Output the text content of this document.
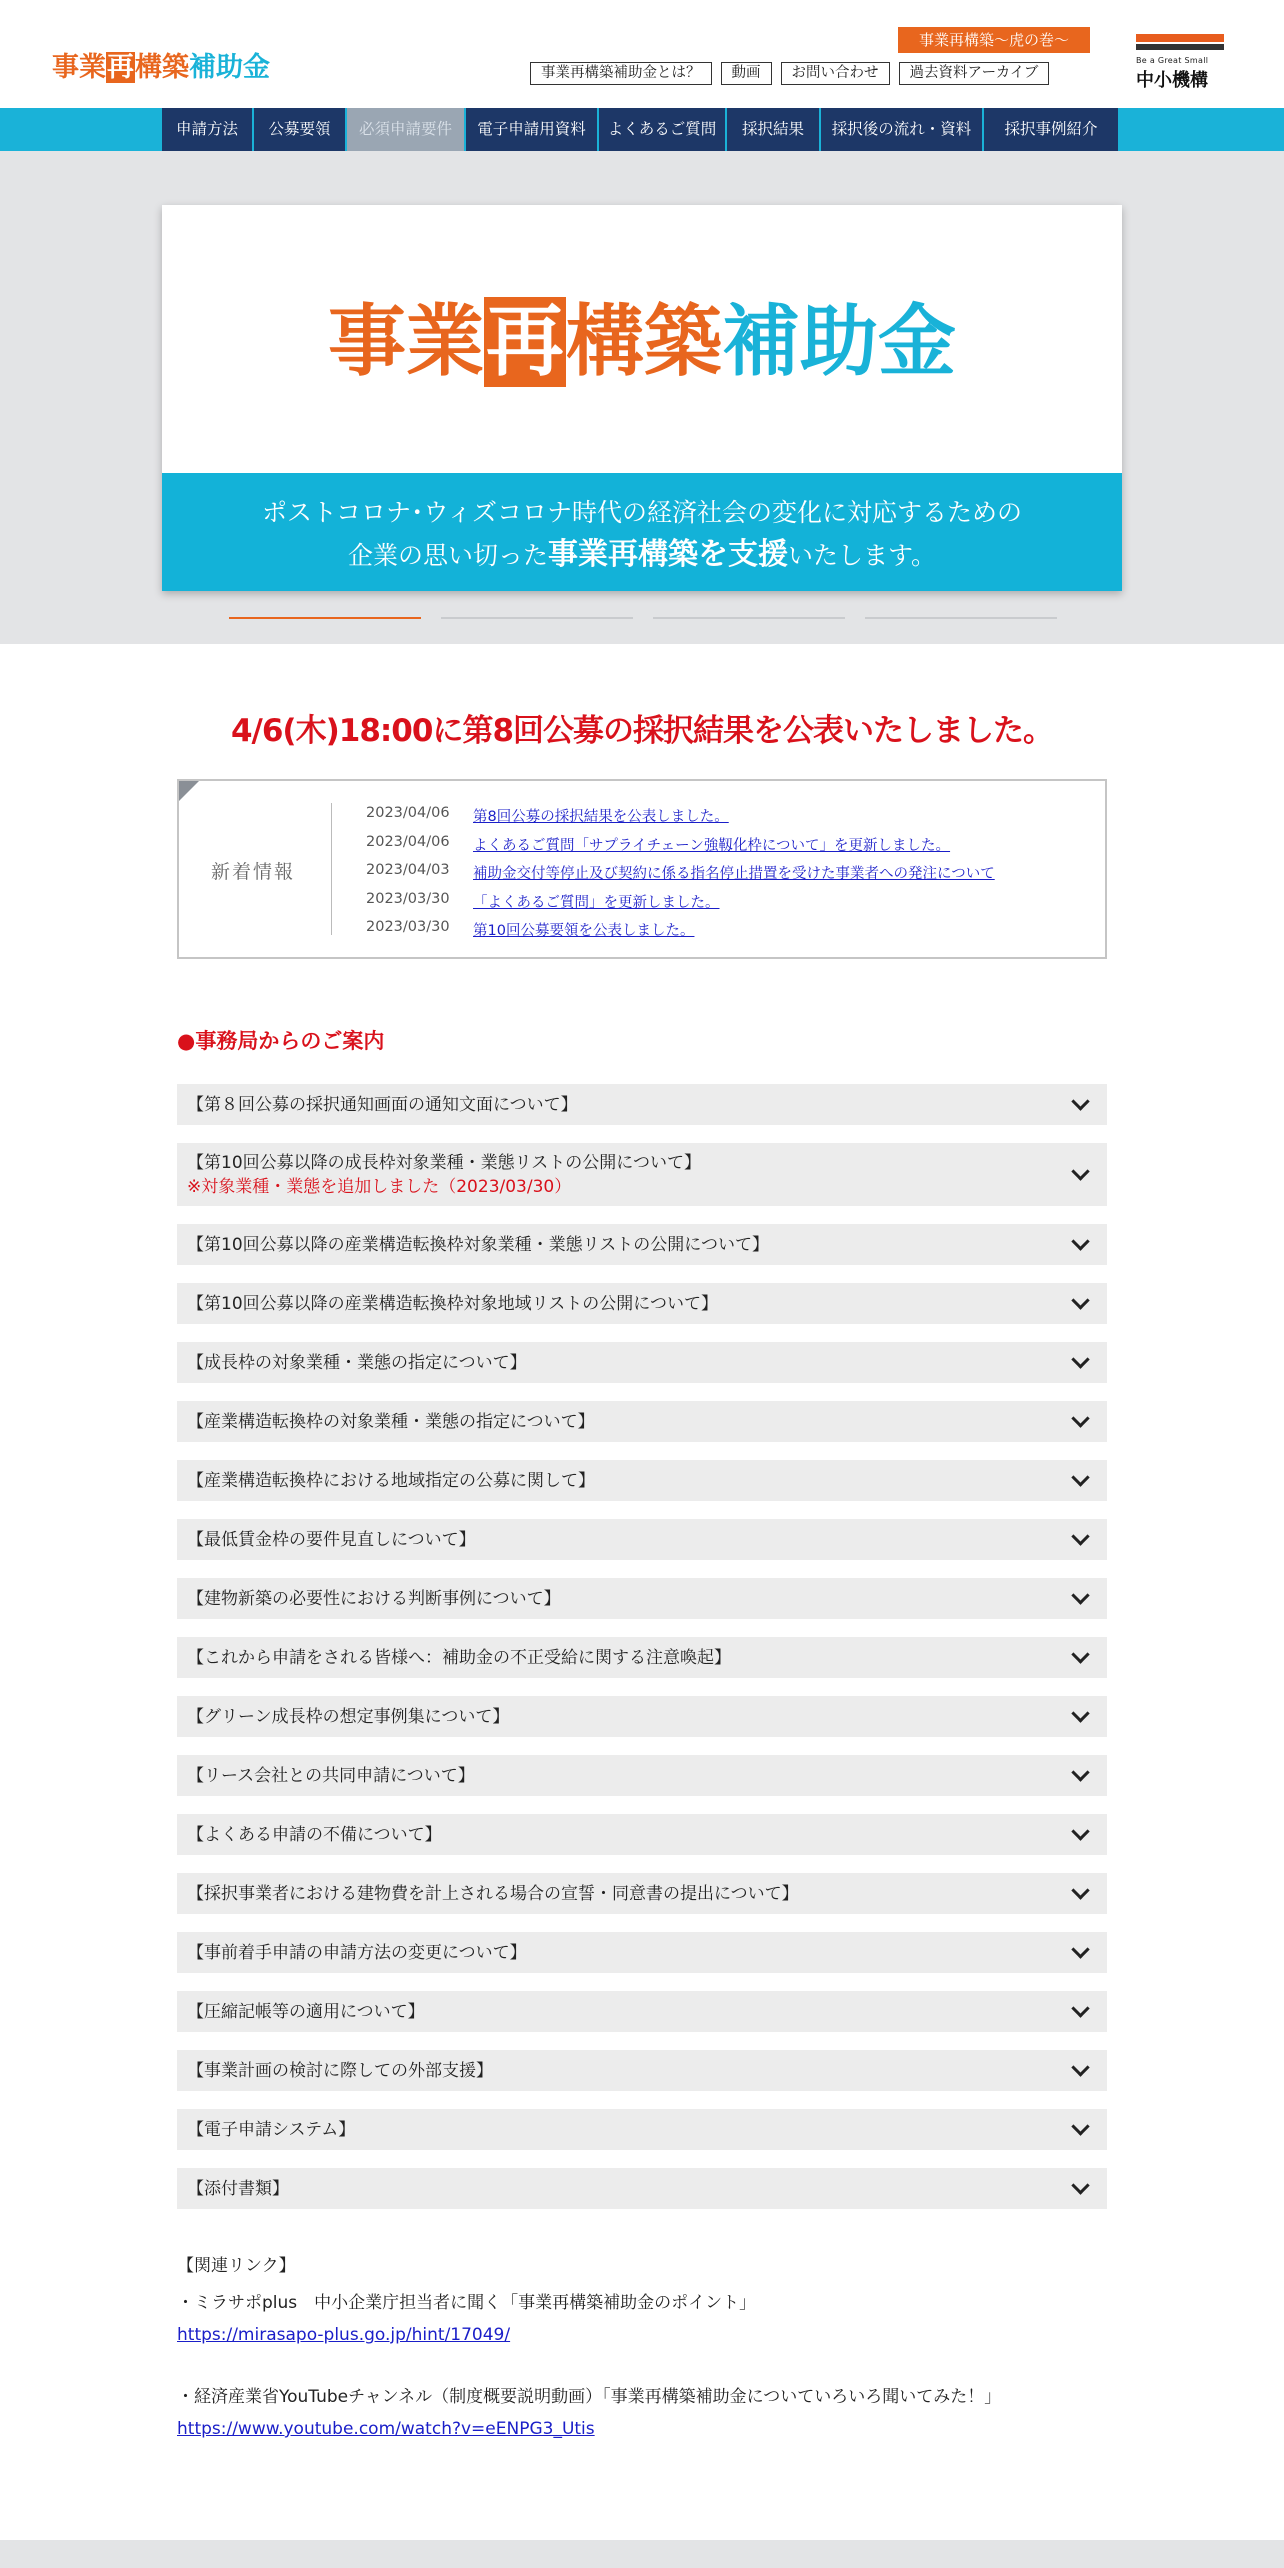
事業再構築補助金
事業再構築～虎の巻～
事業再構築補助金とは？	動画	お問い合わせ	過去資料アーカイブ
Be a Great Small
中小機構
申請方法	公募要領	必須申請要件	電子申請用資料	よくあるご質問	採択結果	採択後の流れ・資料	採択事例紹介
事業再構築補助金
ポストコロナ･ウィズコロナ時代の経済社会の変化に対応するための
企業の思い切った事業再構築を支援いたします。
4/6(木)18:00に第8回公募の採択結果を公表いたしました。
新着情報
2023/04/06	第8回公募の採択結果を公表しました。
2023/04/06	よくあるご質問「サプライチェーン強靱化枠について」を更新しました。
2023/04/03	補助金交付等停止及び契約に係る指名停止措置を受けた事業者への発注について
2023/03/30	「よくあるご質問」を更新しました。
2023/03/30	第10回公募要領を公表しました。
●事務局からのご案内
【第８回公募の採択通知画面の通知文面について】
【第10回公募以降の成長枠対象業種・業態リストの公開について】
※対象業種・業態を追加しました（2023/03/30）
【第10回公募以降の産業構造転換枠対象業種・業態リストの公開について】
【第10回公募以降の産業構造転換枠対象地域リストの公開について】
【成長枠の対象業種・業態の指定について】
【産業構造転換枠の対象業種・業態の指定について】
【産業構造転換枠における地域指定の公募に関して】
【最低賃金枠の要件見直しについて】
【建物新築の必要性における判断事例について】
【これから申請をされる皆様へ：補助金の不正受給に関する注意喚起】
【グリーン成長枠の想定事例集について】
【リース会社との共同申請について】
【よくある申請の不備について】
【採択事業者における建物費を計上される場合の宣誓・同意書の提出について】
【事前着手申請の申請方法の変更について】
【圧縮記帳等の適用について】
【事業計画の検討に際しての外部支援】
【電子申請システム】
【添付書類】
【関連リンク】
・ミラサポplus　中小企業庁担当者に聞く「事業再構築補助金のポイント」
https://mirasapo-plus.go.jp/hint/17049/
・経済産業省YouTubeチャンネル（制度概要説明動画）「事業再構築補助金についていろいろ聞いてみた！」
https://www.youtube.com/watch?v=eENPG3_Utis
